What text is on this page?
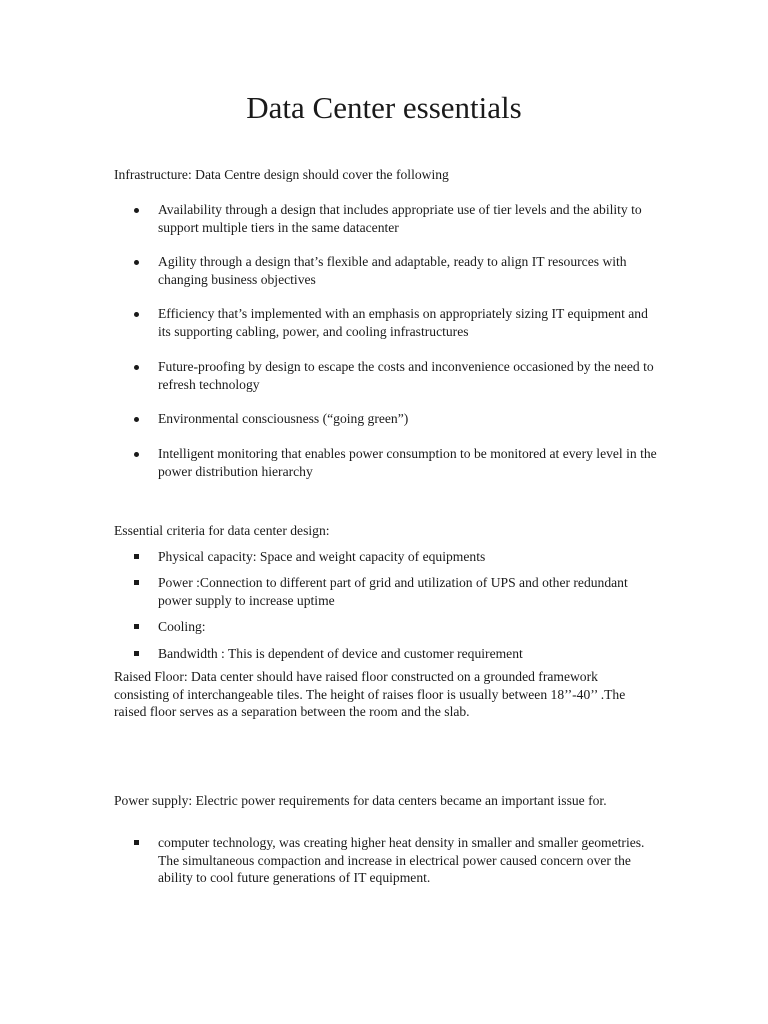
Data Center essentials

Infrastructure: Data Centre design should cover the following

Availability through a design that includes appropriate use of tier levels and the ability to support multiple tiers in the same datacenter
Agility through a design that’s flexible and adaptable, ready to align IT resources with changing business objectives
Efficiency that’s implemented with an emphasis on appropriately sizing IT equipment and its supporting cabling, power, and cooling infrastructures
Future-proofing by design to escape the costs and inconvenience occasioned by the need to refresh technology
Environmental consciousness (“going green”)
Intelligent monitoring that enables power consumption to be monitored at every level in the power distribution hierarchy

Essential criteria for data center design:

Physical capacity: Space and weight capacity of equipments
Power :Connection to different part of grid and utilization of UPS and other redundant power supply to increase uptime
Cooling:
Bandwidth : This is dependent of device and customer requirement

Raised Floor: Data center should have raised floor constructed on a grounded framework consisting of interchangeable tiles. The height of raises floor is usually between 18’’-40’’ .The raised floor serves as a separation between the room and the slab.

Power supply: Electric power requirements for data centers became an important issue for.

computer technology, was creating higher heat density in smaller and smaller geometries. The simultaneous compaction and increase in electrical power caused concern over the ability to cool future generations of IT equipment.
